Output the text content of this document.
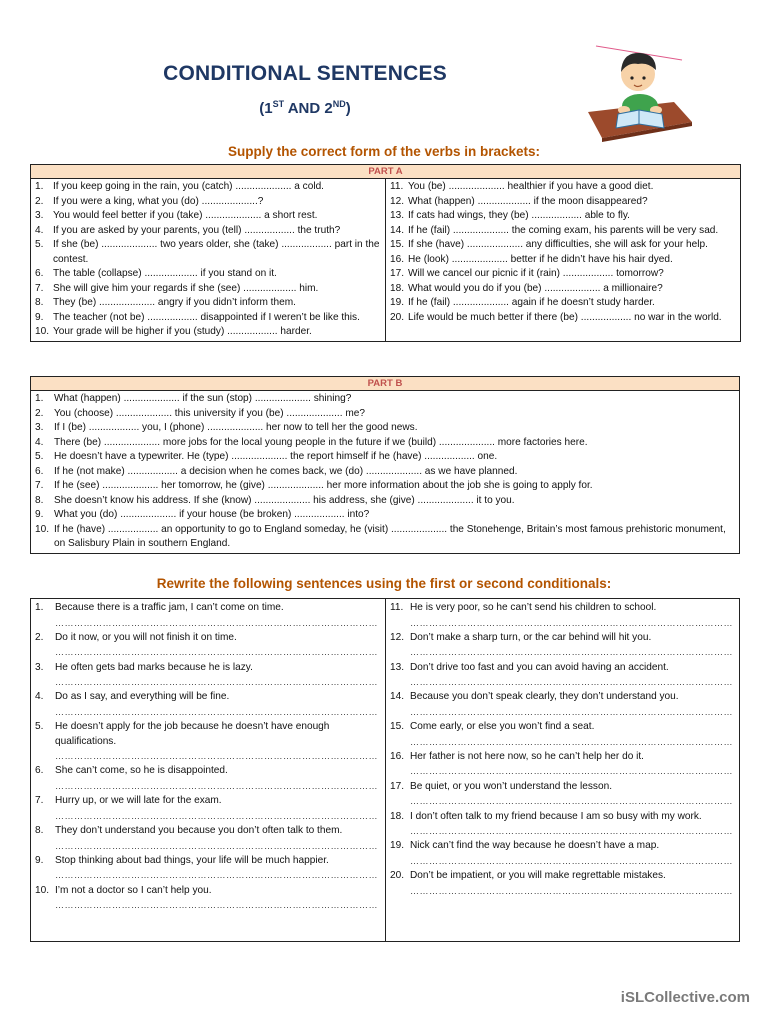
CONDITIONAL SENTENCES
(1ST AND 2ND)
Supply the correct form of the verbs in brackets:
PART A

1. If you keep going in the rain, you (catch) .................... a cold.
2. If you were a king, what you (do) ....................?
3. You would feel better if you (take) .................... a short rest.
4. If you are asked by your parents, you (tell) .................. the truth?
5. If she (be) .................... two years older, she (take) .................. part in the contest.
6. The table (collapse) ................... if you stand on it.
7. She will give him your regards if she (see) ................... him.
8. They (be) .................... angry if you didn’t inform them.
9. The teacher (not be) .................. disappointed if I weren’t be like this.
10. Your grade will be higher if you (study) .................. harder.

11. You (be) .................... healthier if you have a good diet.
12. What (happen) ................... if the moon disappeared?
13. If cats had wings, they (be) .................. able to fly.
14. If he (fail) .................... the coming exam, his parents will be very sad.
15. If she (have) .................... any difficulties, she will ask for your help.
16. He (look) .................... better if he didn’t have his hair dyed.
17. Will we cancel our picnic if it (rain) .................. tomorrow?
18. What would you do if you (be) .................... a millionaire?
19. If he (fail) .................... again if he doesn’t study harder.
20. Life would be much better if there (be) .................. no war in the world.
PART B

1.	What (happen) .................... if the sun (stop) .................... shining?
2.	You (choose) .................... this university if you (be) .................... me?
3.	If I (be) .................. you, I (phone) .................... her now to tell her the good news.
4.	There (be) .................... more jobs for the local young people in the future if we (build) .................... more factories here.
5.	He doesn’t have a typewriter. He (type) .................... the report himself if he (have) .................. one.
6.	If he (not make) .................. a decision when he comes back, we (do) .................... as we have planned.
7.	If he (see) .................... her tomorrow, he (give) .................... her more information about the job she is going to apply for.
8.	She doesn’t know his address. If she (know) .................... his address, she (give) .................... it to you.
9.	What you (do) .................... if your house (be broken) .................. into?
10. If he (have) .................. an opportunity to go to England someday, he (visit) .................... the Stonehenge, Britain’s most famous prehistoric monument, on Salisbury Plain in southern England.
Rewrite the following sentences using the first or second conditionals:
1.	Because there is a traffic jam, I can’t come on time.
…………………………………………………………………………………………
2.	Do it now, or you will not finish it on time.
…………………………………………………………………………………………
3.	He often gets bad marks because he is lazy.
…………………………………………………………………………………………
4.	Do as I say, and everything will be fine.
…………………………………………………………………………………………
5.	He doesn’t apply for the job because he doesn’t have enough qualifications.
…………………………………………………………………………………………
6.	She can’t come, so he is disappointed.
…………………………………………………………………………………………
7.	Hurry up, or we will late for the exam.
…………………………………………………………………………………………
8.	They don’t understand you because you don’t often talk to them.
…………………………………………………………………………………………
9.	Stop thinking about bad things, your life will be much happier.
…………………………………………………………………………………………
10. I’m not a doctor so I can’t help you.
…………………………………………………………………………………………
11. He is very poor, so he can’t send his children to school.
…………………………………………………………………………………………
12. Don’t make a sharp turn, or the car behind will hit you.
…………………………………………………………………………………………
13. Don’t drive too fast and you can avoid having an accident.
…………………………………………………………………………………………
14. Because you don’t speak clearly, they don’t understand you.
…………………………………………………………………………………………
15. Come early, or else you won’t find a seat.
…………………………………………………………………………………………
16. Her father is not here now, so he can’t help her do it.
…………………………………………………………………………………………
17. Be quiet, or you won’t understand the lesson.
…………………………………………………………………………………………
18. I don’t often talk to my friend because I am so busy with my work.
…………………………………………………………………………………………
19. Nick can’t find the way because he doesn’t have a map.
…………………………………………………………………………………………
20. Don’t be impatient, or you will make regrettable mistakes.
…………………………………………………………………………………………
iSLCollective.com
